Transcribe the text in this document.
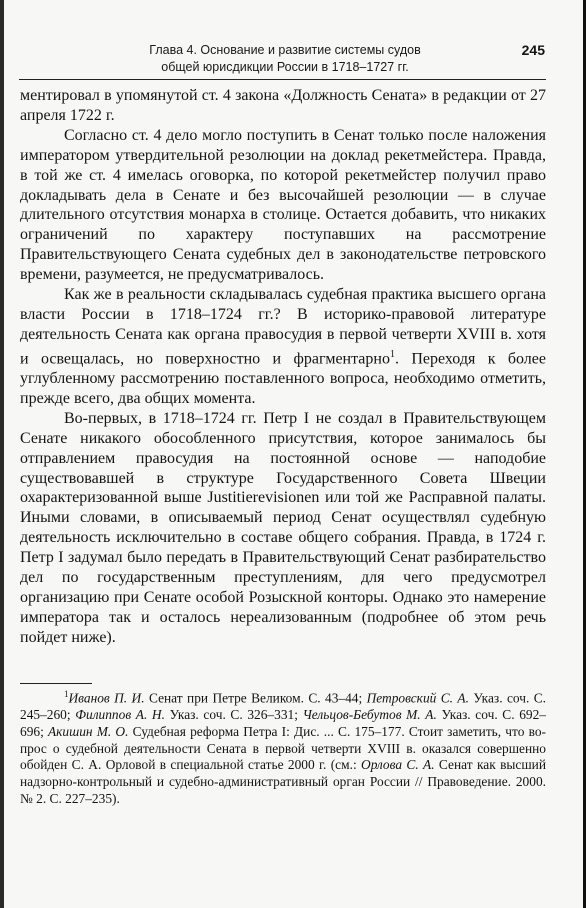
Глава 4. Основание и развитие системы судов
общей юрисдикции России в 1718–1727 гг.
245

ментировал в упомянутой ст. 4 закона «Должность Сената» в редакции от 27 апреля 1722 г.

Согласно ст. 4 дело могло поступить в Сенат только после наложения императором утвердительной резолюции на доклад рекетмейстера. Правда, в той же ст. 4 имелась оговорка, по которой рекетмейстер получил право докладывать дела в Сенате и без высочайшей резолюции — в случае длительного отсутствия монарха в столице. Остается добавить, что никаких ограничений по характеру поступавших на рассмотрение Правительствующего Сената судебных дел в законодательстве петровского времени, разумеется, не предусматривалось.

Как же в реальности складывалась судебная практика высшего органа власти России в 1718–1724 гг.? В историко-правовой литературе деятельность Сената как органа правосудия в первой четверти XVIII в. хотя и освещалась, но поверхностно и фрагментарно$^1$. Переходя к более углубленному рассмотрению поставленного вопроса, необходимо отметить, прежде всего, два общих момента.

Во-первых, в 1718–1724 гг. Петр I не создал в Правительствующем Сенате никакого обособленного присутствия, которое занималось бы отправлением правосудия на постоянной основе — наподобие существовавшей в структуре Государственного Совета Швеции охарактеризованной выше Justitierevisionen или той же Расправной палаты. Иными словами, в описываемый период Сенат осуществлял судебную деятельность исключительно в составе общего собрания. Правда, в 1724 г. Петр I задумал было передать в Правительствующий Сенат разбирательство дел по государственным преступлениям, для чего предусмотрел организацию при Сенате особой Розыскной конторы. Однако это намерение императора так и осталось нереализованным (подробнее об этом речь пойдет ниже).

$^1$Иванов П. И. Сенат при Петре Великом. С. 43–44; Петровский С. А. Указ. соч. С. 245–260; Филиппов А. Н. Указ. соч. С. 326–331; Чельцов-Бебутов М. А. Указ. соч. С. 692–696; Акишин М. О. Судебная реформа Петра I: Дис. ... С. 175–177. Стоит заметить, что вопрос о судебной деятельности Сената в первой четверти XVIII в. оказался совершенно обойден С. А. Орловой в специальной статье 2000 г. (см.: Орлова С. А. Сенат как высший надзорно-контрольный и судебно-административный орган России // Правоведение. 2000. № 2. С. 227–235).
